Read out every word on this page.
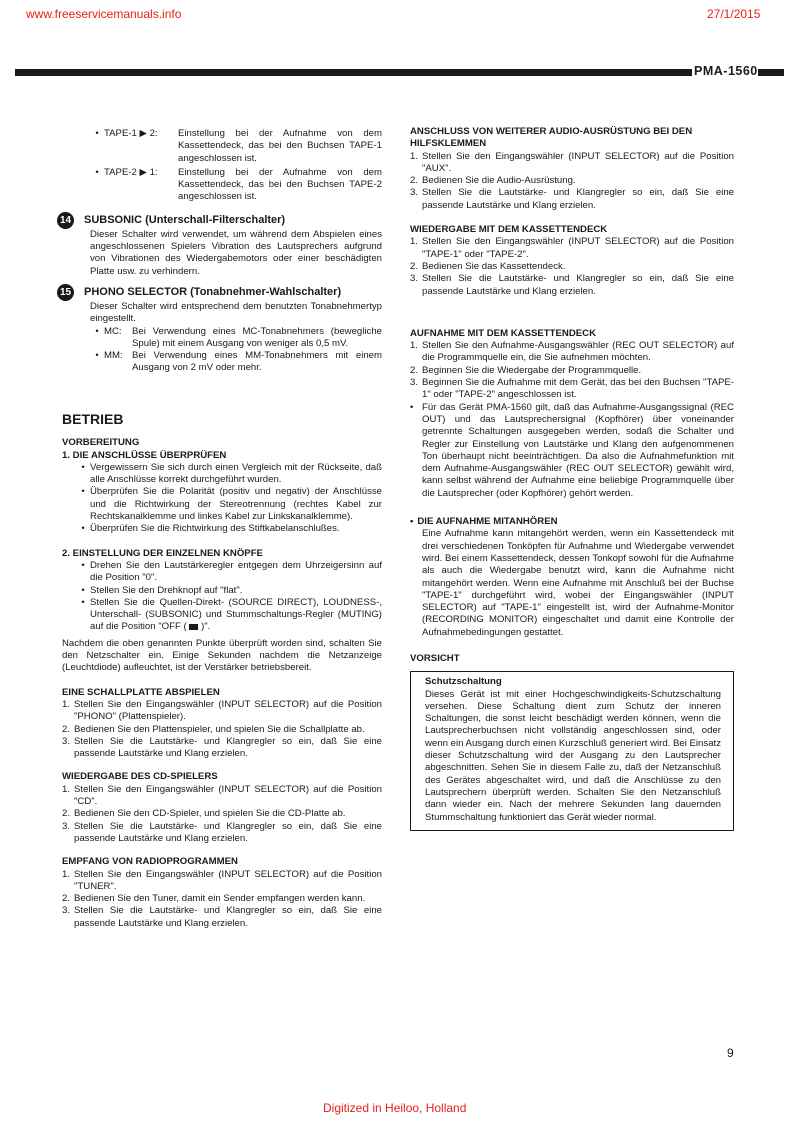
www.freeservicemanuals.info	27/1/2015
PMA-1560
• TAPE-1 ▶ 2:	Einstellung bei der Aufnahme von dem Kassettendeck, das bei den Buchsen TAPE-1 angeschlossen ist.
• TAPE-2 ▶ 1:	Einstellung bei der Aufnahme von dem Kassettendeck, das bei den Buchsen TAPE-2 angeschlossen ist.
14 SUBSONIC (Unterschall-Filterschalter)

Dieser Schalter wird verwendet, um während dem Abspielen eines angeschlossenen Spielers Vibration des Lautsprechers aufgrund von Vibrationen des Wiedergabemotors oder einer beschädigten Platte usw. zu verhindern.

15 PHONO SELECTOR (Tonabnehmer-Wahlschalter)

Dieser Schalter wird entsprechend dem benutzten Tonabnehmertyp eingestellt.

• MC:	Bei Verwendung eines MC-Tonabnehmers (bewegliche Spule) mit einem Ausgang von weniger als 0,5 mV.
• MM: Bei Verwendung eines MM-Tonabnehmers mit einem Ausgang von 2 mV oder mehr.
BETRIEB
VORBEREITUNG
1. DIE ANSCHLÜSSE ÜBERPRÜFEN
• Vergewissern Sie sich durch einen Vergleich mit der Rückseite, daß alle Anschlüsse korrekt durchgeführt wurden.
• Überprüfen Sie die Polarität (positiv und negativ) der Anschlüsse und die Richtwirkung der Stereotrennung (rechtes Kabel zur Rechtskanalklemme und linkes Kabel zur Linkskanalklemme).
• Überprüfen Sie die Richtwirkung des Stiftkabelanschlußes.
2. EINSTELLUNG DER EINZELNEN KNÖPFE
• Drehen Sie den Lautstärkeregler entgegen dem Uhrzeigersinn auf die Position "0".
• Stellen Sie den Drehknopf auf "flat".
• Stellen Sie die Quellen-Direkt- (SOURCE DIRECT), LOUDNESS-, Unterschall- (SUBSONIC) und Stummschaltungs-Regler (MUTING) auf die Position "OFF ( )".

Nachdem die oben genannten Punkte überprüft worden sind, schalten Sie den Netzschalter ein. Einige Sekunden nachdem die Netzanzeige (Leuchtdiode) aufleuchtet, ist der Verstärker betriebsbereit.

EINE SCHALLPLATTE ABSPIELEN
1. Stellen Sie den Eingangswähler (INPUT SELECTOR) auf die Position "PHONO" (Plattenspieler).
2. Bedienen Sie den Plattenspieler, und spielen Sie die Schallplatte ab.
3. Stellen Sie die Lautstärke- und Klangregler so ein, daß Sie eine passende Lautstärke und Klang erzielen.
WIEDERGABE DES CD-SPIELERS
1. Stellen Sie den Eingangswähler (INPUT SELECTOR) auf die Position "CD".
2. Bedienen Sie den CD-Spieler, und spielen Sie die CD-Platte ab.
3. Stellen Sie die Lautstärke- und Klangregler so ein, daß Sie eine passende Lautstärke und Klang erzielen.
EMPFANG VON RADIOPROGRAMMEN
1. Stellen Sie den Eingangswähler (INPUT SELECTOR) auf die Position "TUNER".
2. Bedienen Sie den Tuner, damit ein Sender empfangen werden kann.
3. Stellen Sie die Lautstärke- und Klangregler so ein, daß Sie eine passende Lautstärke und Klang erzielen.
ANSCHLUSS VON WEITERER AUDIO-AUSRÜSTUNG BEI DEN HILFSKLEMMEN
1. Stellen Sie den Eingangswähler (INPUT SELECTOR) auf die Position "AUX".
2. Bedienen Sie die Audio-Ausrüstung.
3. Stellen Sie die Lautstärke- und Klangregler so ein, daß Sie eine passende Lautstärke und Klang erzielen.
WIEDERGABE MIT DEM KASSETTENDECK
1. Stellen Sie den Eingangswähler (INPUT SELECTOR) auf die Position "TAPE-1" oder "TAPE-2".
2. Bedienen Sie das Kassettendeck.
3. Stellen Sie die Lautstärke- und Klangregler so ein, daß Sie eine passende Lautstärke und Klang erzielen.
AUFNAHME MIT DEM KASSETTENDECK
1. Stellen Sie den Aufnahme-Ausgangswähler (REC OUT SELECTOR) auf die Programmquelle ein, die Sie aufnehmen möchten.
2. Beginnen Sie die Wiedergabe der Programmquelle.
3. Beginnen Sie die Aufnahme mit dem Gerät, das bei den Buchsen "TAPE-1" oder "TAPE-2" angeschlossen ist.
• Für das Gerät PMA-1560 gilt, daß das Aufnahme-Ausgangssignal (REC OUT) und das Lautsprechersignal (Kopfhörer) über voneinander getrennte Schaltungen ausgegeben werden, sodaß die Schalter und Regler zur Einstellung von Lautstärke und Klang den aufgenommenen Ton überhaupt nicht beeinträchtigen. Da also die Aufnahmefunktion mit dem Aufnahme-Ausgangswähler (REC OUT SELECTOR) gewählt wird, kann selbst während der Aufnahme eine beliebige Programmquelle über die Lautsprecher (oder Kopfhörer) gehört werden.
• DIE AUFNAHME MITANHÖREN

Eine Aufnahme kann mitangehört werden, wenn ein Kassettendeck mit drei verschiedenen Tonköpfen für Aufnahme und Wiedergabe verwendet wird. Bei einem Kassettendeck, dessen Tonkopf sowohl für die Aufnahme als auch die Wiedergabe benutzt wird, kann die Aufnahme nicht mitangehört werden. Wenn eine Aufnahme mit Anschluß bei der Buchse "TAPE-1" durchgeführt wird, wobei der Eingangswähler (INPUT SELECTOR) auf "TAPE-1" eingestellt ist, wird der Aufnahme-Monitor (RECORDING MONITOR) eingeschaltet und damit eine Kontrolle der Aufnahmebedingungen gestattet.

VORSICHT
Schutzschaltung

Dieses Gerät ist mit einer Hochgeschwindigkeits-Schutzschaltung versehen. Diese Schaltung dient zum Schutz der inneren Schaltungen, die sonst leicht beschädigt werden können, wenn die Lautsprecherbuchsen nicht vollständig angeschlossen sind, oder wenn ein Ausgang durch einen Kurzschluß generiert wird. Bei Einsatz dieser Schutzschaltung wird der Ausgang zu den Lautsprecher abgeschnitten. Sehen Sie in diesem Falle zu, daß der Netzanschluß des Gerätes abgeschaltet wird, und daß die Anschlüsse zu den Lautsprechern überprüft werden. Schalten Sie den Netzanschluß dann wieder ein. Nach der mehrere Sekunden lang dauernden Stummschaltung funktioniert das Gerät wieder normal.

9
Digitized in Heiloo, Holland
